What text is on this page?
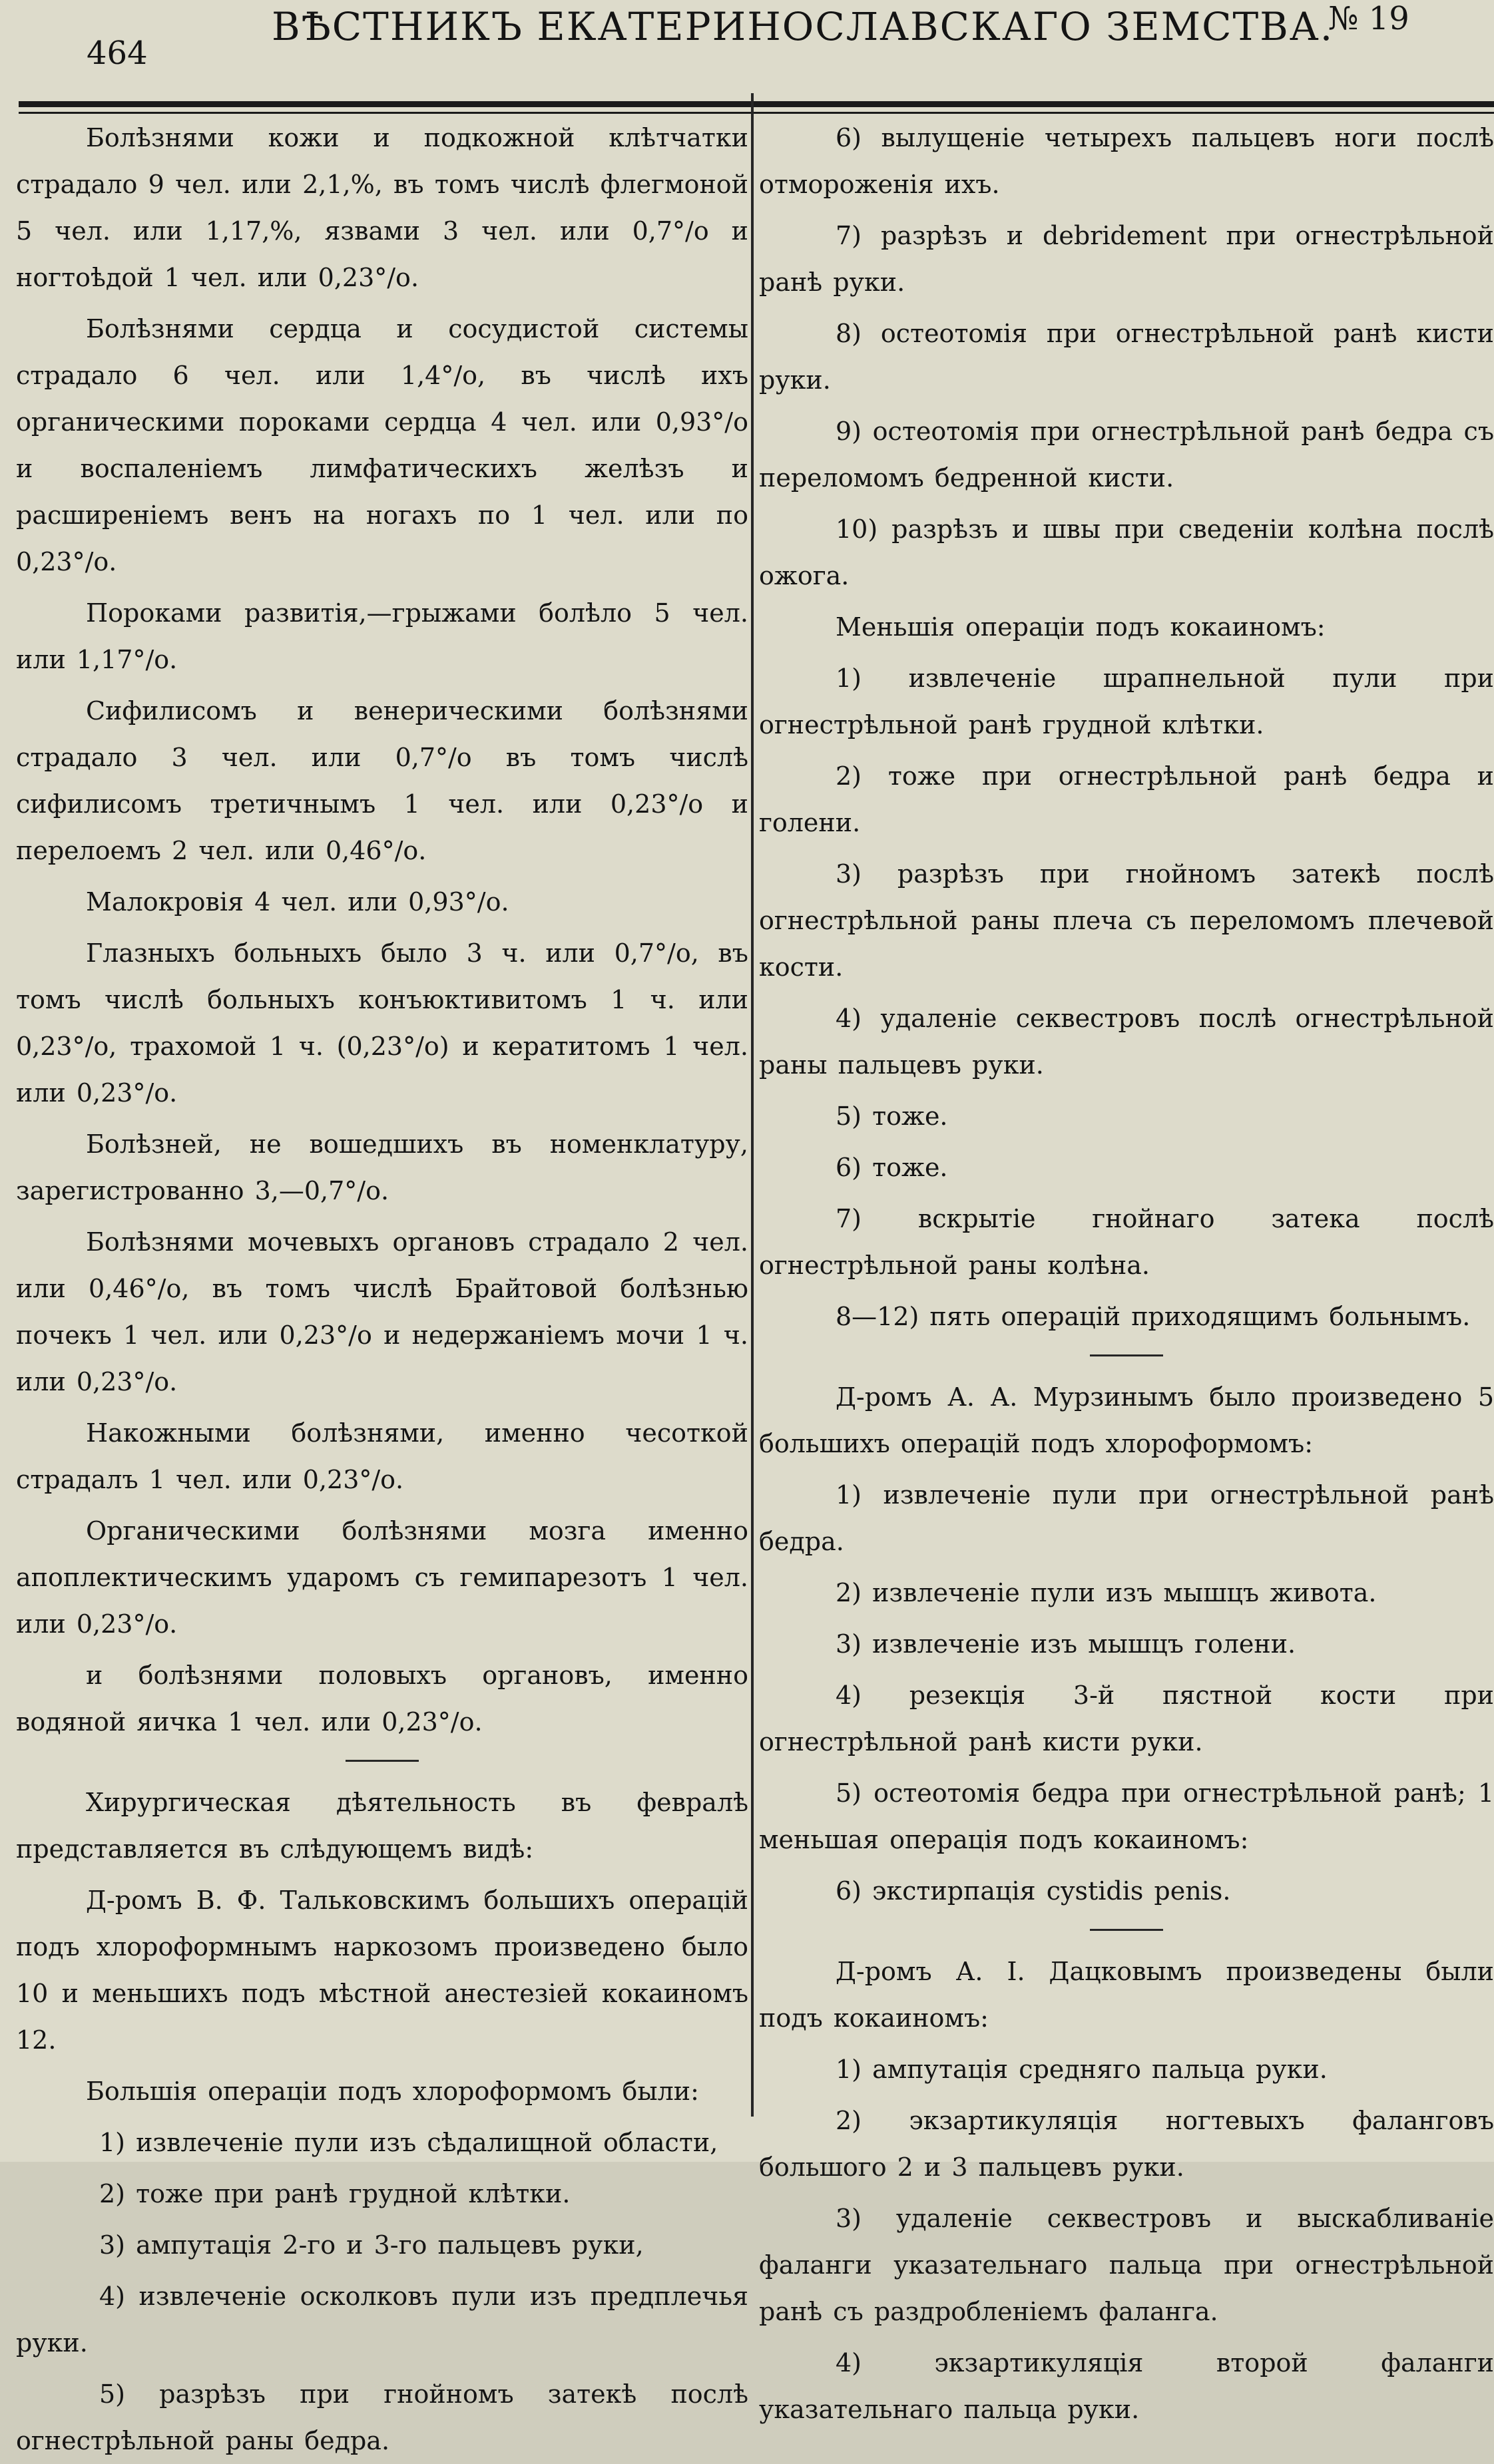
464
ВѢСТНИКЪ ЕКАТЕРИНОСЛАВСКАГО ЗЕМСТВА.
№ 19

Болѣзнями кожи и подкожной клѣтчатки страдало 9 чел. или 2,1,%, въ томъ числѣ флегмоной 5 чел. или 1,17,%, язвами 3 чел. или 0,7°/о и ногтоѣдой 1 чел. или 0,23°/о.

Болѣзнями сердца и сосудистой системы страдало 6 чел. или 1,4°/о, въ числѣ ихъ органическими пороками сердца 4 чел. или 0,93°/о и воспаленiемъ лимфатическихъ желѣзъ и расширенiемъ венъ на ногахъ по 1 чел. или по 0,23°/о.

Пороками развитiя,—грыжами болѣло 5 чел. или 1,17°/о.

Сифилисомъ и венерическими болѣзнями страдало 3 чел. или 0,7°/о въ томъ числѣ сифилисомъ третичнымъ 1 чел. или 0,23°/о и перелоемъ 2 чел. или 0,46°/о.

Малокровiя 4 чел. или 0,93°/о.

Глазныхъ больныхъ было 3 ч. или 0,7°/о, въ томъ числѣ больныхъ конъюктивитомъ 1 ч. или 0,23°/о, трахомой 1 ч. (0,23°/о) и кератитомъ 1 чел. или 0,23°/о.

Болѣзней, не вошедшихъ въ номенклатуру, зарегистрованно 3,—0,7°/о.

Болѣзнями мочевыхъ органовъ страдало 2 чел. или 0,46°/о, въ томъ числѣ Брайтовой болѣзнью почекъ 1 чел. или 0,23°/о и недержанiемъ мочи 1 ч. или 0,23°/о.

Накожными болѣзнями, именно чесоткой страдалъ 1 чел. или 0,23°/о.

Органическими болѣзнями мозга именно апоплектическимъ ударомъ съ гемипарезотъ 1 чел. или 0,23°/о.

и болѣзнями половыхъ органовъ, именно водяной яичка 1 чел. или 0,23°/о.

Хирургическая дѣятельность въ февралѣ представляется въ слѣдующемъ видѣ:

Д-ромъ В. Ф. Тальковскимъ большихъ операцiй подъ хлороформнымъ наркозомъ произведено было 10 и меньшихъ подъ мѣстной анестезiей кокаиномъ 12.

Большiя операцiи подъ хлороформомъ были:

1) извлеченiе пули изъ сѣдалищной области,

2) тоже при ранѣ грудной клѣтки.

3) ампутацiя 2-го и 3-го пальцевъ руки,

4) извлеченiе осколковъ пули изъ предплечья руки.

5) разрѣзъ при гнойномъ затекѣ послѣ огнестрѣльной раны бедра.

6) вылущенiе четырехъ пальцевъ ноги послѣ отмороженiя ихъ.

7) разрѣзъ и debridement при огнестрѣльной ранѣ руки.

8) остеотомiя при огнестрѣльной ранѣ кисти руки.

9) остеотомiя при огнестрѣльной ранѣ бедра съ переломомъ бедренной кисти.

10) разрѣзъ и швы при сведенiи колѣна послѣ ожога.

Меньшiя операцiи подъ кокаиномъ:

1) извлеченiе шрапнельной пули при огнестрѣльной ранѣ грудной клѣтки.

2) тоже при огнестрѣльной ранѣ бедра и голени.

3) разрѣзъ при гнойномъ затекѣ послѣ огнестрѣльной раны плеча съ переломомъ плечевой кости.

4) удаленiе секвестровъ послѣ огнестрѣльной раны пальцевъ руки.

5) тоже.

6) тоже.

7) вскрытiе гнойнаго затека послѣ огнестрѣльной раны колѣна.

8—12) пять операцiй приходящимъ больнымъ.

Д-ромъ А. А. Мурзинымъ было произведено 5 большихъ операцiй подъ хлороформомъ:

1) извлеченiе пули при огнестрѣльной ранѣ бедра.

2) извлеченiе пули изъ мышцъ живота.

3) извлеченiе изъ мышцъ голени.

4) резекцiя 3-й пястной кости при огнестрѣльной ранѣ кисти руки.

5) остеотомiя бедра при огнестрѣльной ранѣ; 1 меньшая операцiя подъ кокаиномъ:

6) экстирпацiя cystidis penis.

Д-ромъ А. I. Дацковымъ произведены были подъ кокаиномъ:

1) ампутацiя средняго пальца руки.

2) экзартикуляцiя ногтевыхъ фаланговъ большого 2 и 3 пальцевъ руки.

3) удаленiе секвестровъ и выскабливанiе фаланги указательнаго пальца при огнестрѣльной ранѣ съ раздробленiемъ фаланга.

4) экзартикуляцiя второй фаланги указательнаго пальца руки.
